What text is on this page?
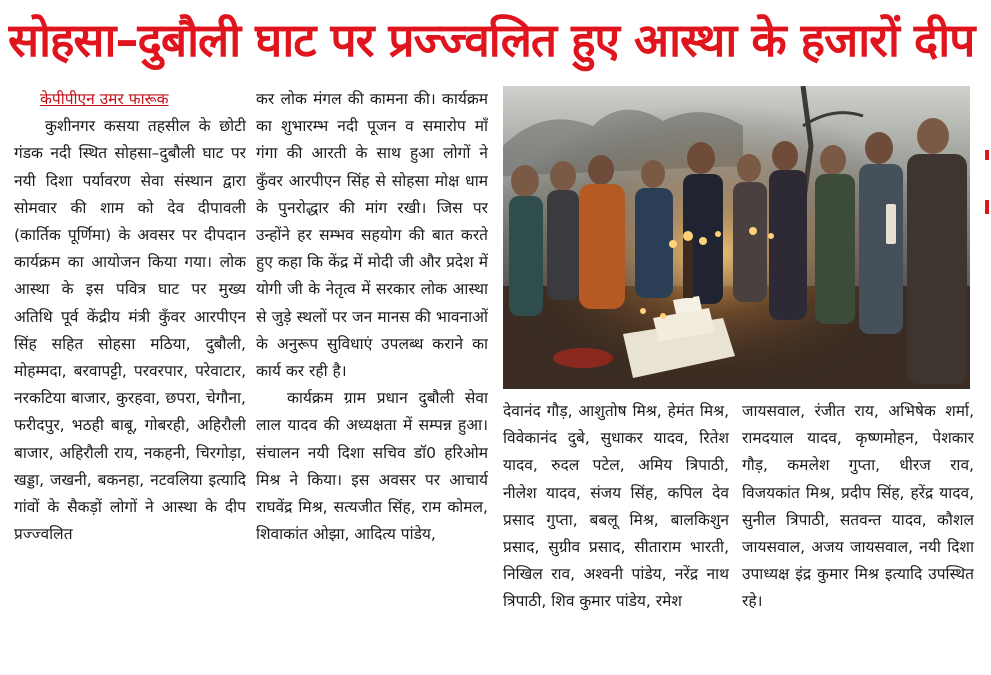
सोहसा–दुबौली घाट पर प्रज्ज्वलित हुए आस्था के हजारों दीप
केपीपीएन उमर फारूक

कुशीनगर कसया तहसील के छोटी गंडक नदी स्थित सोहसा–दुबौली घाट पर नयी दिशा पर्यावरण सेवा संस्थान द्वारा सोमवार की शाम को देव दीपावली (कार्तिक पूर्णिमा) के अवसर पर दीपदान कार्यक्रम का आयोजन किया गया। लोक आस्था के इस पवित्र घाट पर मुख्य अतिथि पूर्व केंद्रीय मंत्री कुँवर आरपीएन सिंह सहित सोहसा मठिया, दुबौली, मोहम्मदा, बरवापट्टी, परवरपार, परेवाटार, नरकटिया बाजार, कुरहवा, छपरा, चेगौना, फरीदपुर, भठही बाबू, गोबरही, अहिरौली बाजार, अहिरौली राय, नकहनी, चिरगोड़ा, खड्डा, जखनी, बकनहा, नटवलिया इत्यादि गांवों के सैकड़ों लोगों ने आस्था के दीप प्रज्ज्वलित

कर लोक मंगल की कामना की। कार्यक्रम का शुभारम्भ नदी पूजन व समारोप माँ गंगा की आरती के साथ हुआ लोगों ने कुँवर आरपीएन सिंह से सोहसा मोक्ष धाम के पुनरोद्धार की मांग रखी। जिस पर उन्होंने हर सम्भव सहयोग की बात करते हुए कहा कि केंद्र में मोदी जी और प्रदेश में योगी जी के नेतृत्व में सरकार लोक आस्था से जुड़े स्थलों पर जन मानस की भावनाओं के अनुरूप सुविधाएं उपलब्ध कराने का कार्य कर रही है।

कार्यक्रम ग्राम प्रधान दुबौली सेवा लाल यादव की अध्यक्षता में सम्पन्न हुआ। संचालन नयी दिशा सचिव डॉ0 हरिओम मिश्र ने किया। इस अवसर पर आचार्य राघवेंद्र मिश्र, सत्यजीत सिंह, राम कोमल, शिवाकांत ओझा, आदित्य पांडेय,

देवानंद गौड़, आशुतोष मिश्र, हेमंत मिश्र, विवेकानंद दुबे, सुधाकर यादव, रितेश यादव, रुदल पटेल, अमिय त्रिपाठी, नीलेश यादव, संजय सिंह, कपिल देव प्रसाद गुप्ता, बबलू मिश्र, बालकिशुन प्रसाद, सुग्रीव प्रसाद, सीताराम भारती, निखिल राव, अश्वनी पांडेय, नरेंद्र नाथ त्रिपाठी, शिव कुमार पांडेय, रमेश

जायसवाल, रंजीत राय, अभिषेक शर्मा, रामदयाल यादव, कृष्णमोहन, पेशकार गौड़, कमलेश गुप्ता, धीरज राव, विजयकांत मिश्र, प्रदीप सिंह, हरेंद्र यादव, सुनील त्रिपाठी, सतवन्त यादव, कौशल जायसवाल, अजय जायसवाल, नयी दिशा उपाध्यक्ष इंद्र कुमार मिश्र इत्यादि उपस्थित रहे।
